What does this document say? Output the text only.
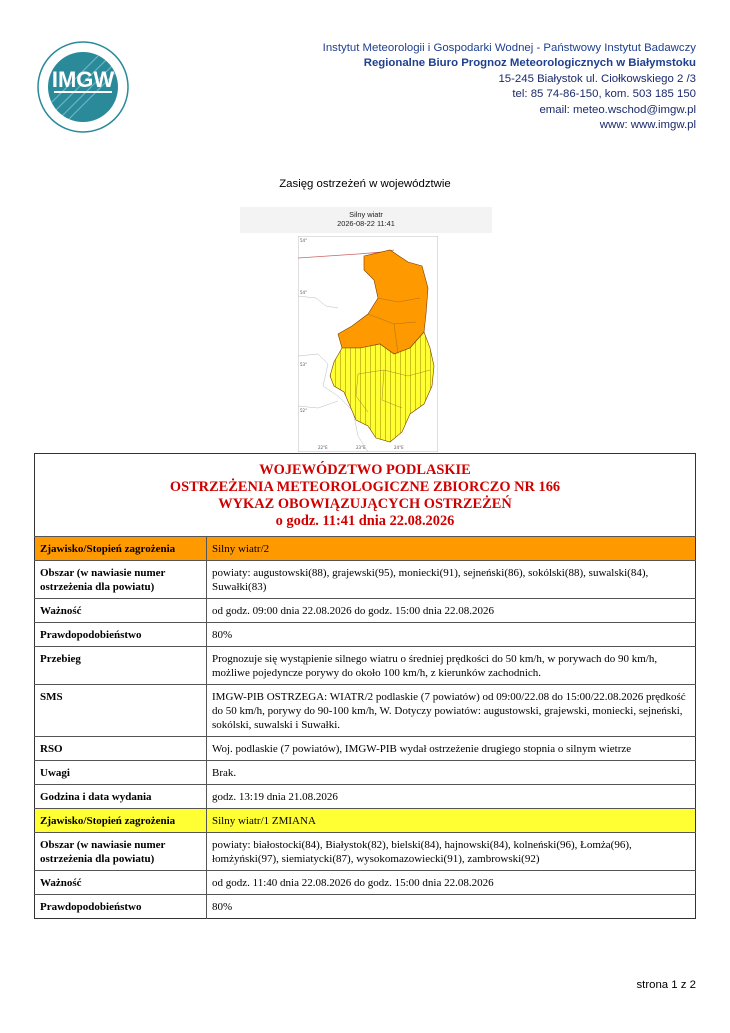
IMGW
Instytut Meteorologii i Gospodarki Wodnej - Państwowy Instytut Badawczy
Regionalne Biuro Prognoz Meteorologicznych w Białymstoku
15-245 Białystok ul. Ciołkowskiego 2 /3
tel: 85 74-86-150, kom. 503 185 150
email: meteo.wschod@imgw.pl
www: www.imgw.pl
Zasięg ostrzeżeń w województwie
Silny wiatr
2026-08-22 11:41
54°
54°
53°
52°
22°E	23°E	24°E
WOJEWÓDZTWO PODLASKIE
OSTRZEŻENIA METEOROLOGICZNE ZBIORCZO NR 166
WYKAZ OBOWIĄZUJĄCYCH OSTRZEŻEŃ
o godz. 11:41 dnia 22.08.2026	

Zjawisko/Stopień zagrożenia	Silny wiatr/2
Obszar (w nawiasie numer ostrzeżenia dla powiatu)	powiaty: augustowski(88), grajewski(95), moniecki(91), sejneński(86), sokólski(88), suwalski(84), Suwałki(83)
Ważność	od godz. 09:00 dnia 22.08.2026 do godz. 15:00 dnia 22.08.2026
Prawdopodobieństwo	80%
Przebieg	Prognozuje się wystąpienie silnego wiatru o średniej prędkości do 50 km/h, w porywach do 90 km/h, możliwe pojedyncze porywy do około 100 km/h, z kierunków zachodnich.
SMS	IMGW-PIB OSTRZEGA: WIATR/2 podlaskie (7 powiatów) od 09:00/22.08 do 15:00/22.08.2026 prędkość do 50 km/h, porywy do 90-100 km/h, W. Dotyczy powiatów: augustowski, grajewski, moniecki, sejneński, sokólski, suwalski i Suwałki.
RSO	Woj. podlaskie (7 powiatów), IMGW-PIB wydał ostrzeżenie drugiego stopnia o silnym wietrze
Uwagi	Brak.
Godzina i data wydania	godz. 13:19 dnia 21.08.2026
Zjawisko/Stopień zagrożenia	Silny wiatr/1 ZMIANA
Obszar (w nawiasie numer ostrzeżenia dla powiatu)	powiaty: białostocki(84), Białystok(82), bielski(84), hajnowski(84), kolneński(96), Łomża(96), łomżyński(97), siemiatycki(87), wysokomazowiecki(91), zambrowski(92)
Ważność	od godz. 11:40 dnia 22.08.2026 do godz. 15:00 dnia 22.08.2026
Prawdopodobieństwo	80%
strona 1 z 2
